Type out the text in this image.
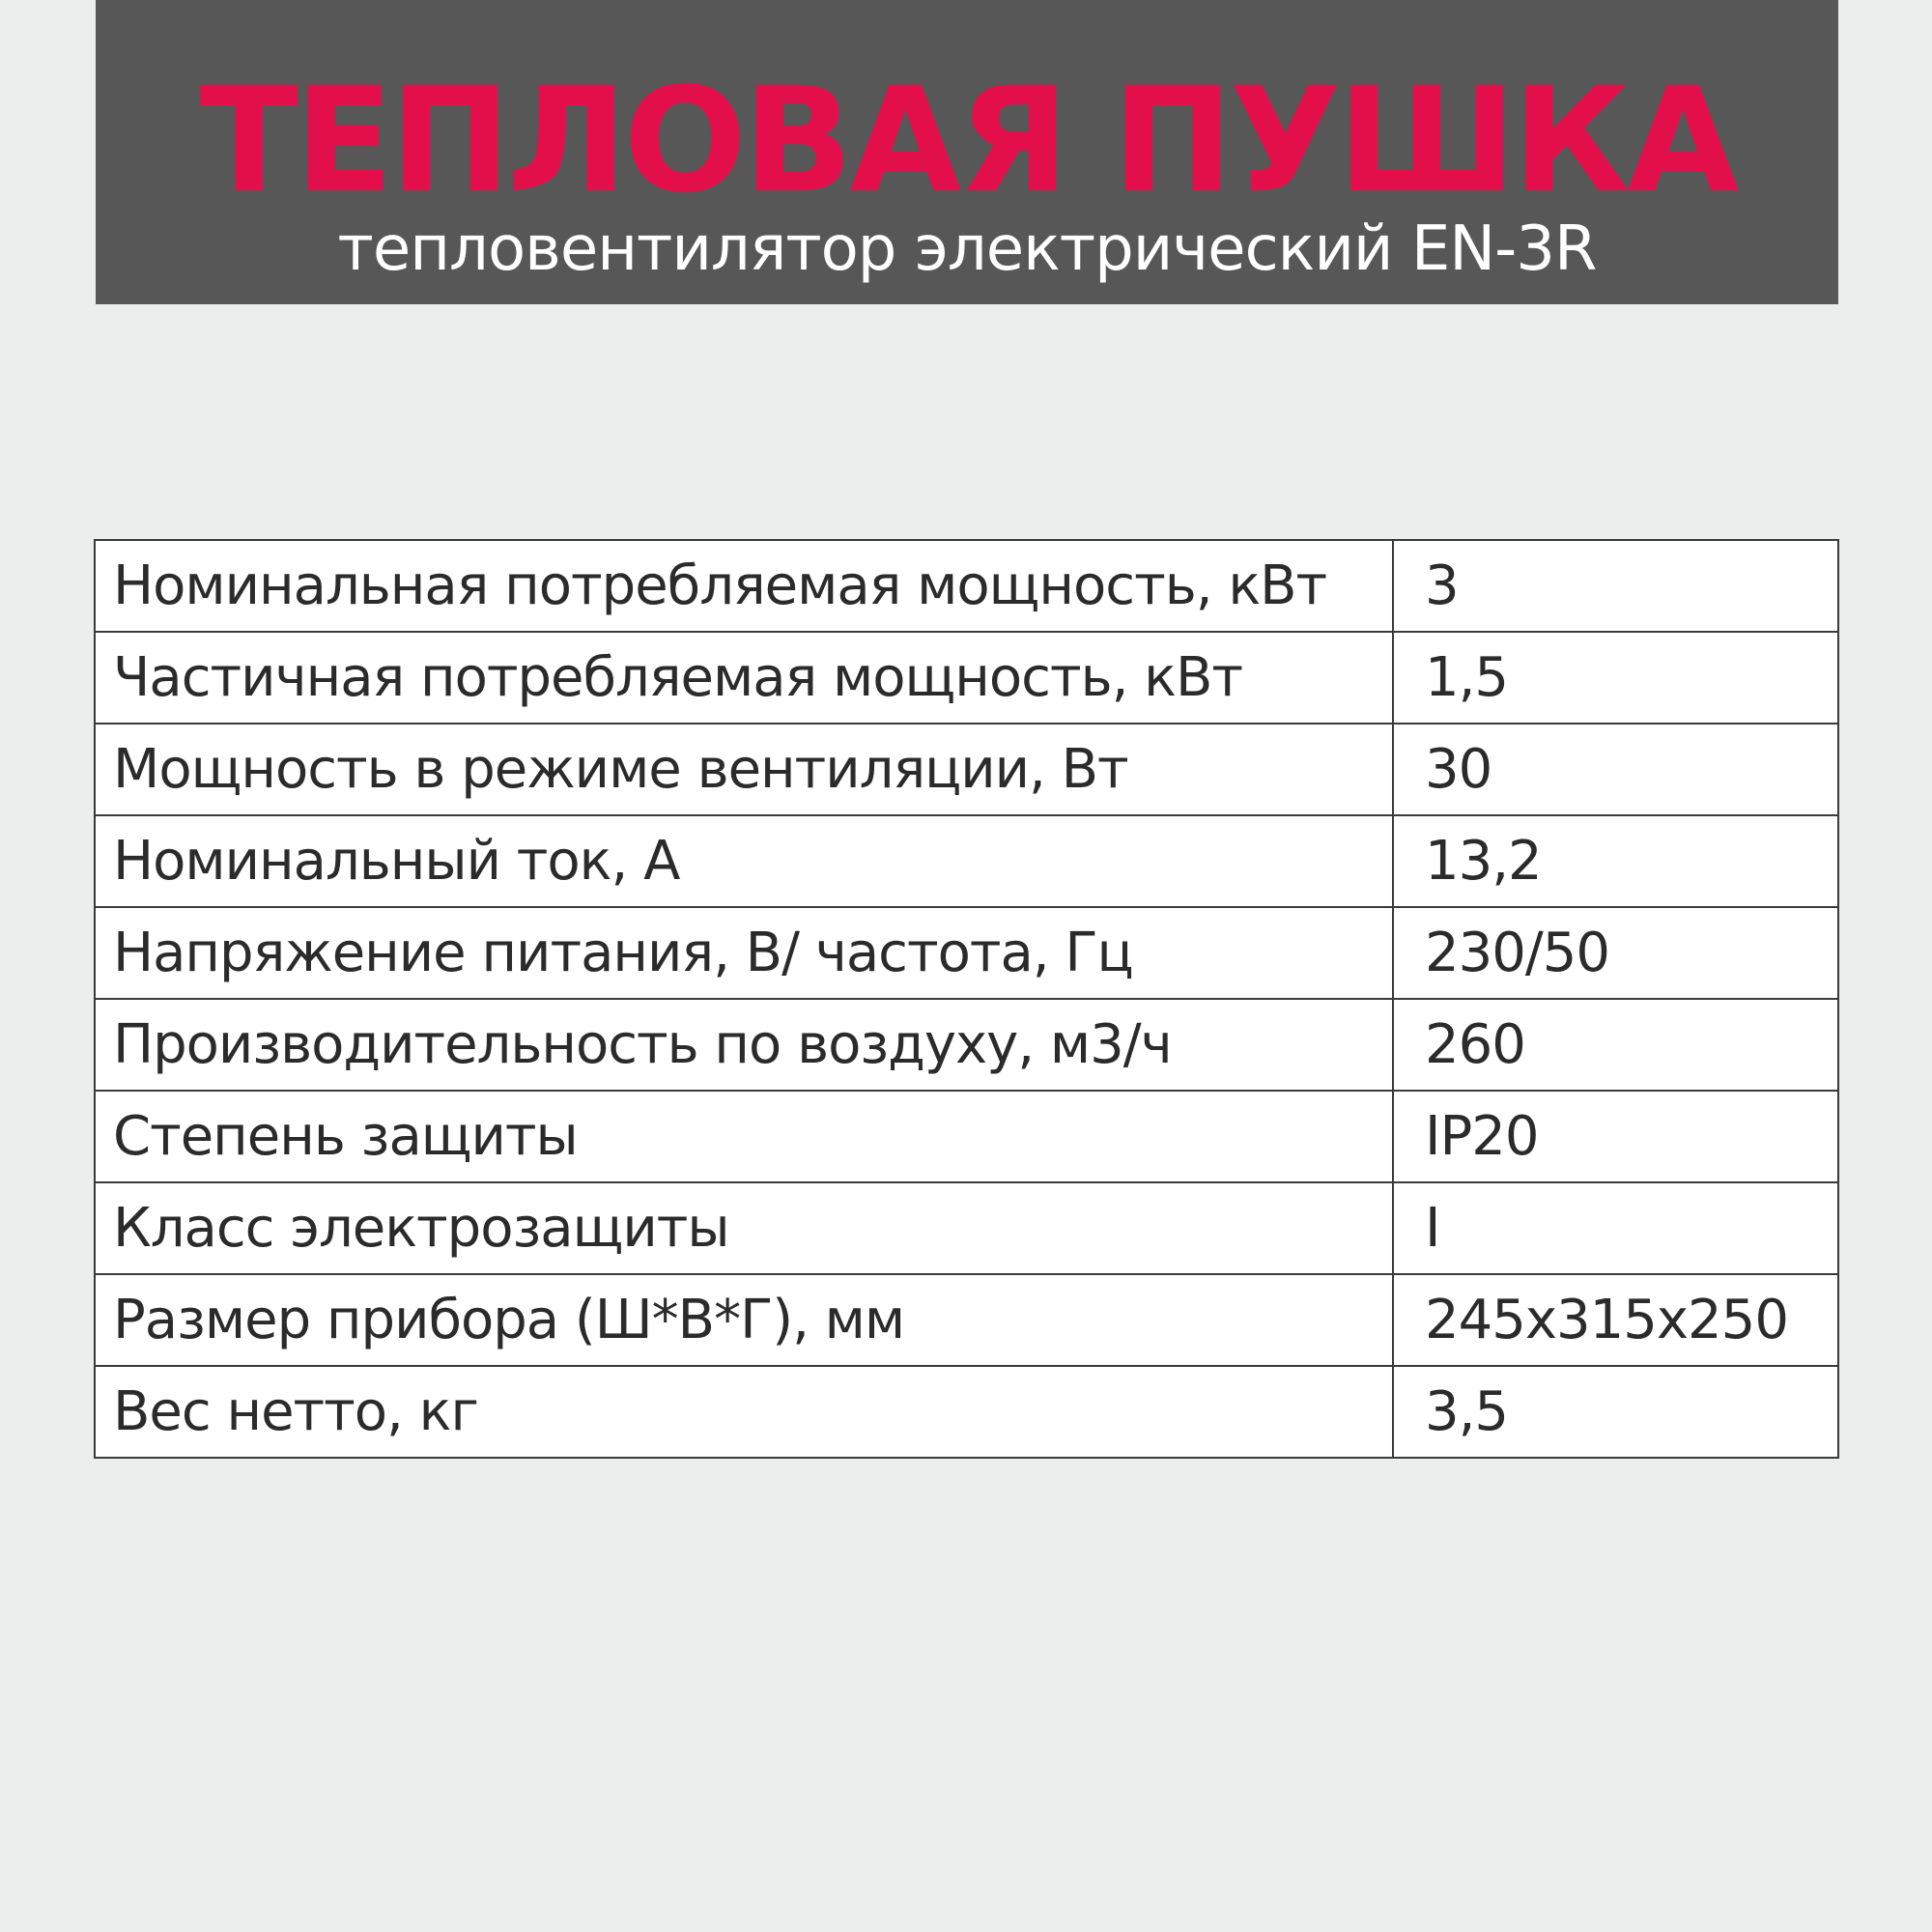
ТЕПЛОВАЯ ПУШКА
тепловентилятор электрический EN-3R
Номинальная потребляемая мощность, кВт	3
Частичная потребляемая мощность, кВт	1,5
Мощность в режиме вентиляции, Вт	30
Номинальный ток, А	13,2
Напряжение питания, В/ частота, Гц	230/50
Производительность по воздуху, м3/ч	260
Степень защиты	IP20
Класс электрозащиты	I
Размер прибора (Ш*В*Г), мм	245x315x250
Вес нетто, кг	3,5
